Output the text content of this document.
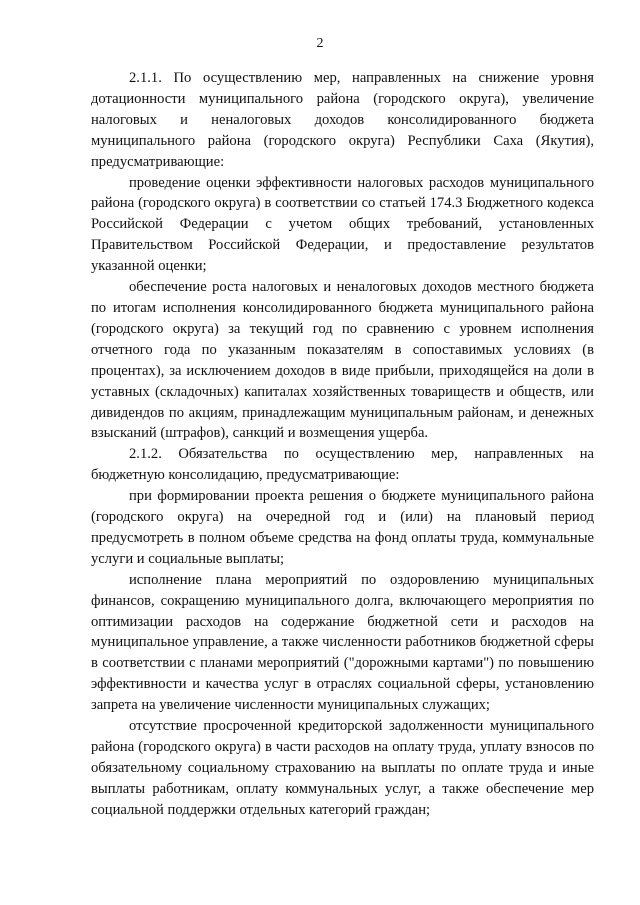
2

2.1.1. По осуществлению мер, направленных на снижение уровня дотационности муниципального района (городского округа), увеличение налоговых и неналоговых доходов консолидированного бюджета муниципального района (городского округа) Республики Саха (Якутия), предусматривающие:

проведение оценки эффективности налоговых расходов муниципального района (городского округа) в соответствии со статьей 174.3 Бюджетного кодекса Российской Федерации с учетом общих требований, установленных Правительством Российской Федерации, и предоставление результатов указанной оценки;

обеспечение роста налоговых и неналоговых доходов местного бюджета по итогам исполнения консолидированного бюджета муниципального района (городского округа) за текущий год по сравнению с уровнем исполнения отчетного года по указанным показателям в сопоставимых условиях (в процентах), за исключением доходов в виде прибыли, приходящейся на доли в уставных (складочных) капиталах хозяйственных товариществ и обществ, или дивидендов по акциям, принадлежащим муниципальным районам, и денежных взысканий (штрафов), санкций и возмещения ущерба.

2.1.2. Обязательства по осуществлению мер, направленных на бюджетную консолидацию, предусматривающие:

при формировании проекта решения о бюджете муниципального района (городского округа) на очередной год и (или) на плановый период предусмотреть в полном объеме средства на фонд оплаты труда, коммунальные услуги и социальные выплаты;

исполнение плана мероприятий по оздоровлению муниципальных финансов, сокращению муниципального долга, включающего мероприятия по оптимизации расходов на содержание бюджетной сети и расходов на муниципальное управление, а также численности работников бюджетной сферы в соответствии с планами мероприятий ("дорожными картами") по повышению эффективности и качества услуг в отраслях социальной сферы, установлению запрета на увеличение численности муниципальных служащих;

отсутствие просроченной кредиторской задолженности муниципального района (городского округа) в части расходов на оплату труда, уплату взносов по обязательному социальному страхованию на выплаты по оплате труда и иные выплаты работникам, оплату коммунальных услуг, а также обеспечение мер социальной поддержки отдельных категорий граждан;
